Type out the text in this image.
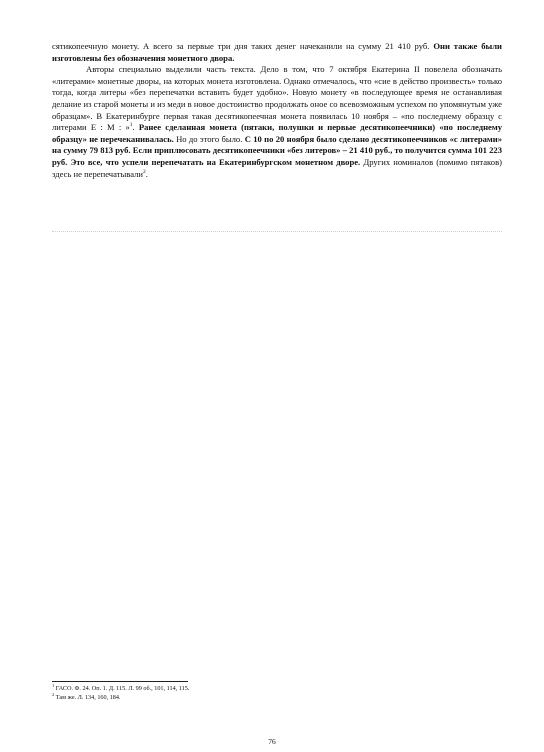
сятикопеечную монету. А всего за первые три дня таких денег начеканили на сумму 21 410 руб. Они также были изготовлены без обозначения монетного двора.

Авторы специально выделили часть текста. Дело в том, что 7 октября Екатерина II повелела обозначать «литерами» монетные дворы, на которых монета изготовлена. Однако отмечалось, что «сие в действо произвесть» только тогда, когда литеры «без перепечатки вставить будет удобно». Новую монету «в последующее время не останавливая делание из старой монеты и из меди в новое достоинство продолжать оное со всевозможным успехом по упомянутым уже образцам». В Екатеринбурге первая такая десятикопеечная монета появилась 10 ноября – «по последнему образцу с литерами Е : М : »$^1$. Ранее сделанная монета (пятаки, полушки и первые десятикопеечники) «по последнему образцу» не перечеканивалась. Но до этого было. С 10 по 20 ноября было сделано десятикопеечников «с литерами» на сумму 79 813 руб. Если приплюсовать десятикопеечники «без литеров» – 21 410 руб., то получится сумма 101 223 руб. Это все, что успели перепечатать на Екатеринбургском монетном дворе. Других номиналов (помимо пятаков) здесь не перепечатывали$^2$.

$^1$ ГАСО. Ф. 24. Оп. 1. Д. 115. Л. 99 об., 101, 114, 115.
$^2$ Там же. Л. 134, 160, 184.
76
